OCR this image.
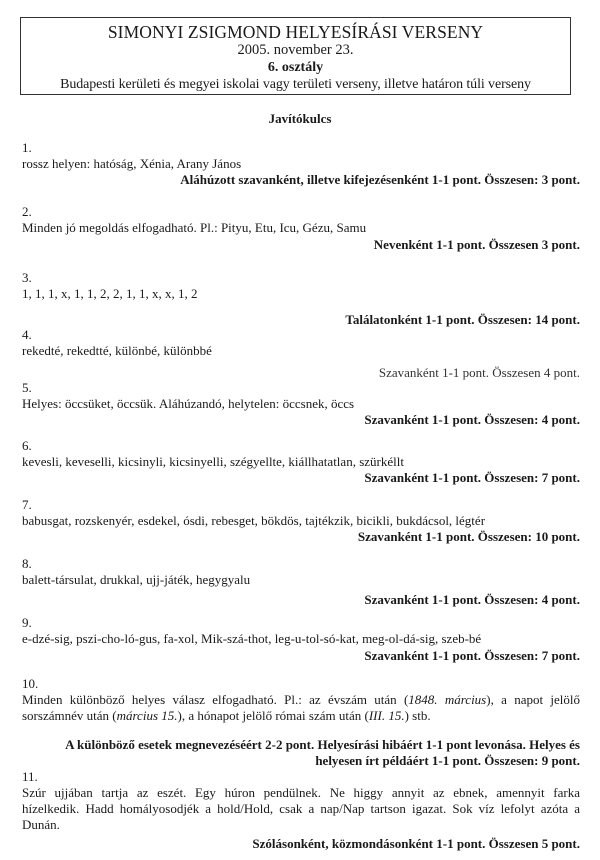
SIMONYI ZSIGMOND HELYESÍRÁSI VERSENY
2005. november 23.
6. osztály
Budapesti kerületi és megyei iskolai vagy területi verseny, illetve határon túli verseny
Javítókulcs
1.
rossz helyen: hatóság, Xénia, Arany János
Aláhúzott szavanként, illetve kifejezésenként 1-1 pont. Összesen: 3 pont.
2.
Minden jó megoldás elfogadható. Pl.: Pityu, Etu, Icu, Gézu, Samu
Nevenként 1-1 pont. Összesen 3 pont.
3.
1, 1, 1, x, 1, 1, 2, 2, 1, 1, x, x, 1, 2
Találatonként 1-1 pont. Összesen: 14 pont.
4.
rekedté, rekedtté, különbé, különbbé
Szavanként 1-1 pont. Összesen 4 pont.
5.
Helyes: öccsüket, öccsük. Aláhúzandó, helytelen: öccsnek, öccs
Szavanként 1-1 pont. Összesen: 4 pont.
6.
kevesli, keveselli, kicsinyli, kicsinyelli, szégyellte, kiállhatatlan, szürkéllt
Szavanként 1-1 pont. Összesen: 7 pont.
7.
babusgat, rozskenyér, esdekel, ósdi, rebesget, bökdös, tajtékzik, bicikli, bukdácsol, légtér
Szavanként 1-1 pont. Összesen: 10 pont.
8.
balett-társulat, drukkal, ujj-játék, hegygyalu
Szavanként 1-1 pont. Összesen: 4 pont.
9.
e-dzé-sig, pszi-cho-ló-gus, fa-xol, Mik-szá-thot, leg-u-tol-só-kat, meg-ol-dá-sig, szeb-bé
Szavanként 1-1 pont. Összesen: 7 pont.
10.
Minden különböző helyes válasz elfogadható. Pl.: az évszám után (1848. március), a napot jelölő
sorszámnév után (március 15.), a hónapot jelölő római szám után (III. 15.) stb.
A különböző esetek megnevezéséért 2-2 pont. Helyesírási hibáért 1-1 pont levonása. Helyes és
helyesen írt példáért 1-1 pont. Összesen: 9 pont.
11.
Szúr ujjában tartja az eszét. Egy húron pendülnek. Ne higgy annyit az ebnek, amennyit farka
hízelkedik. Hadd homályosodjék a hold/Hold, csak a nap/Nap tartson igazat. Sok víz lefolyt azóta a
Dunán.
Szólásonként, közmondásonként 1-1 pont. Összesen 5 pont.
